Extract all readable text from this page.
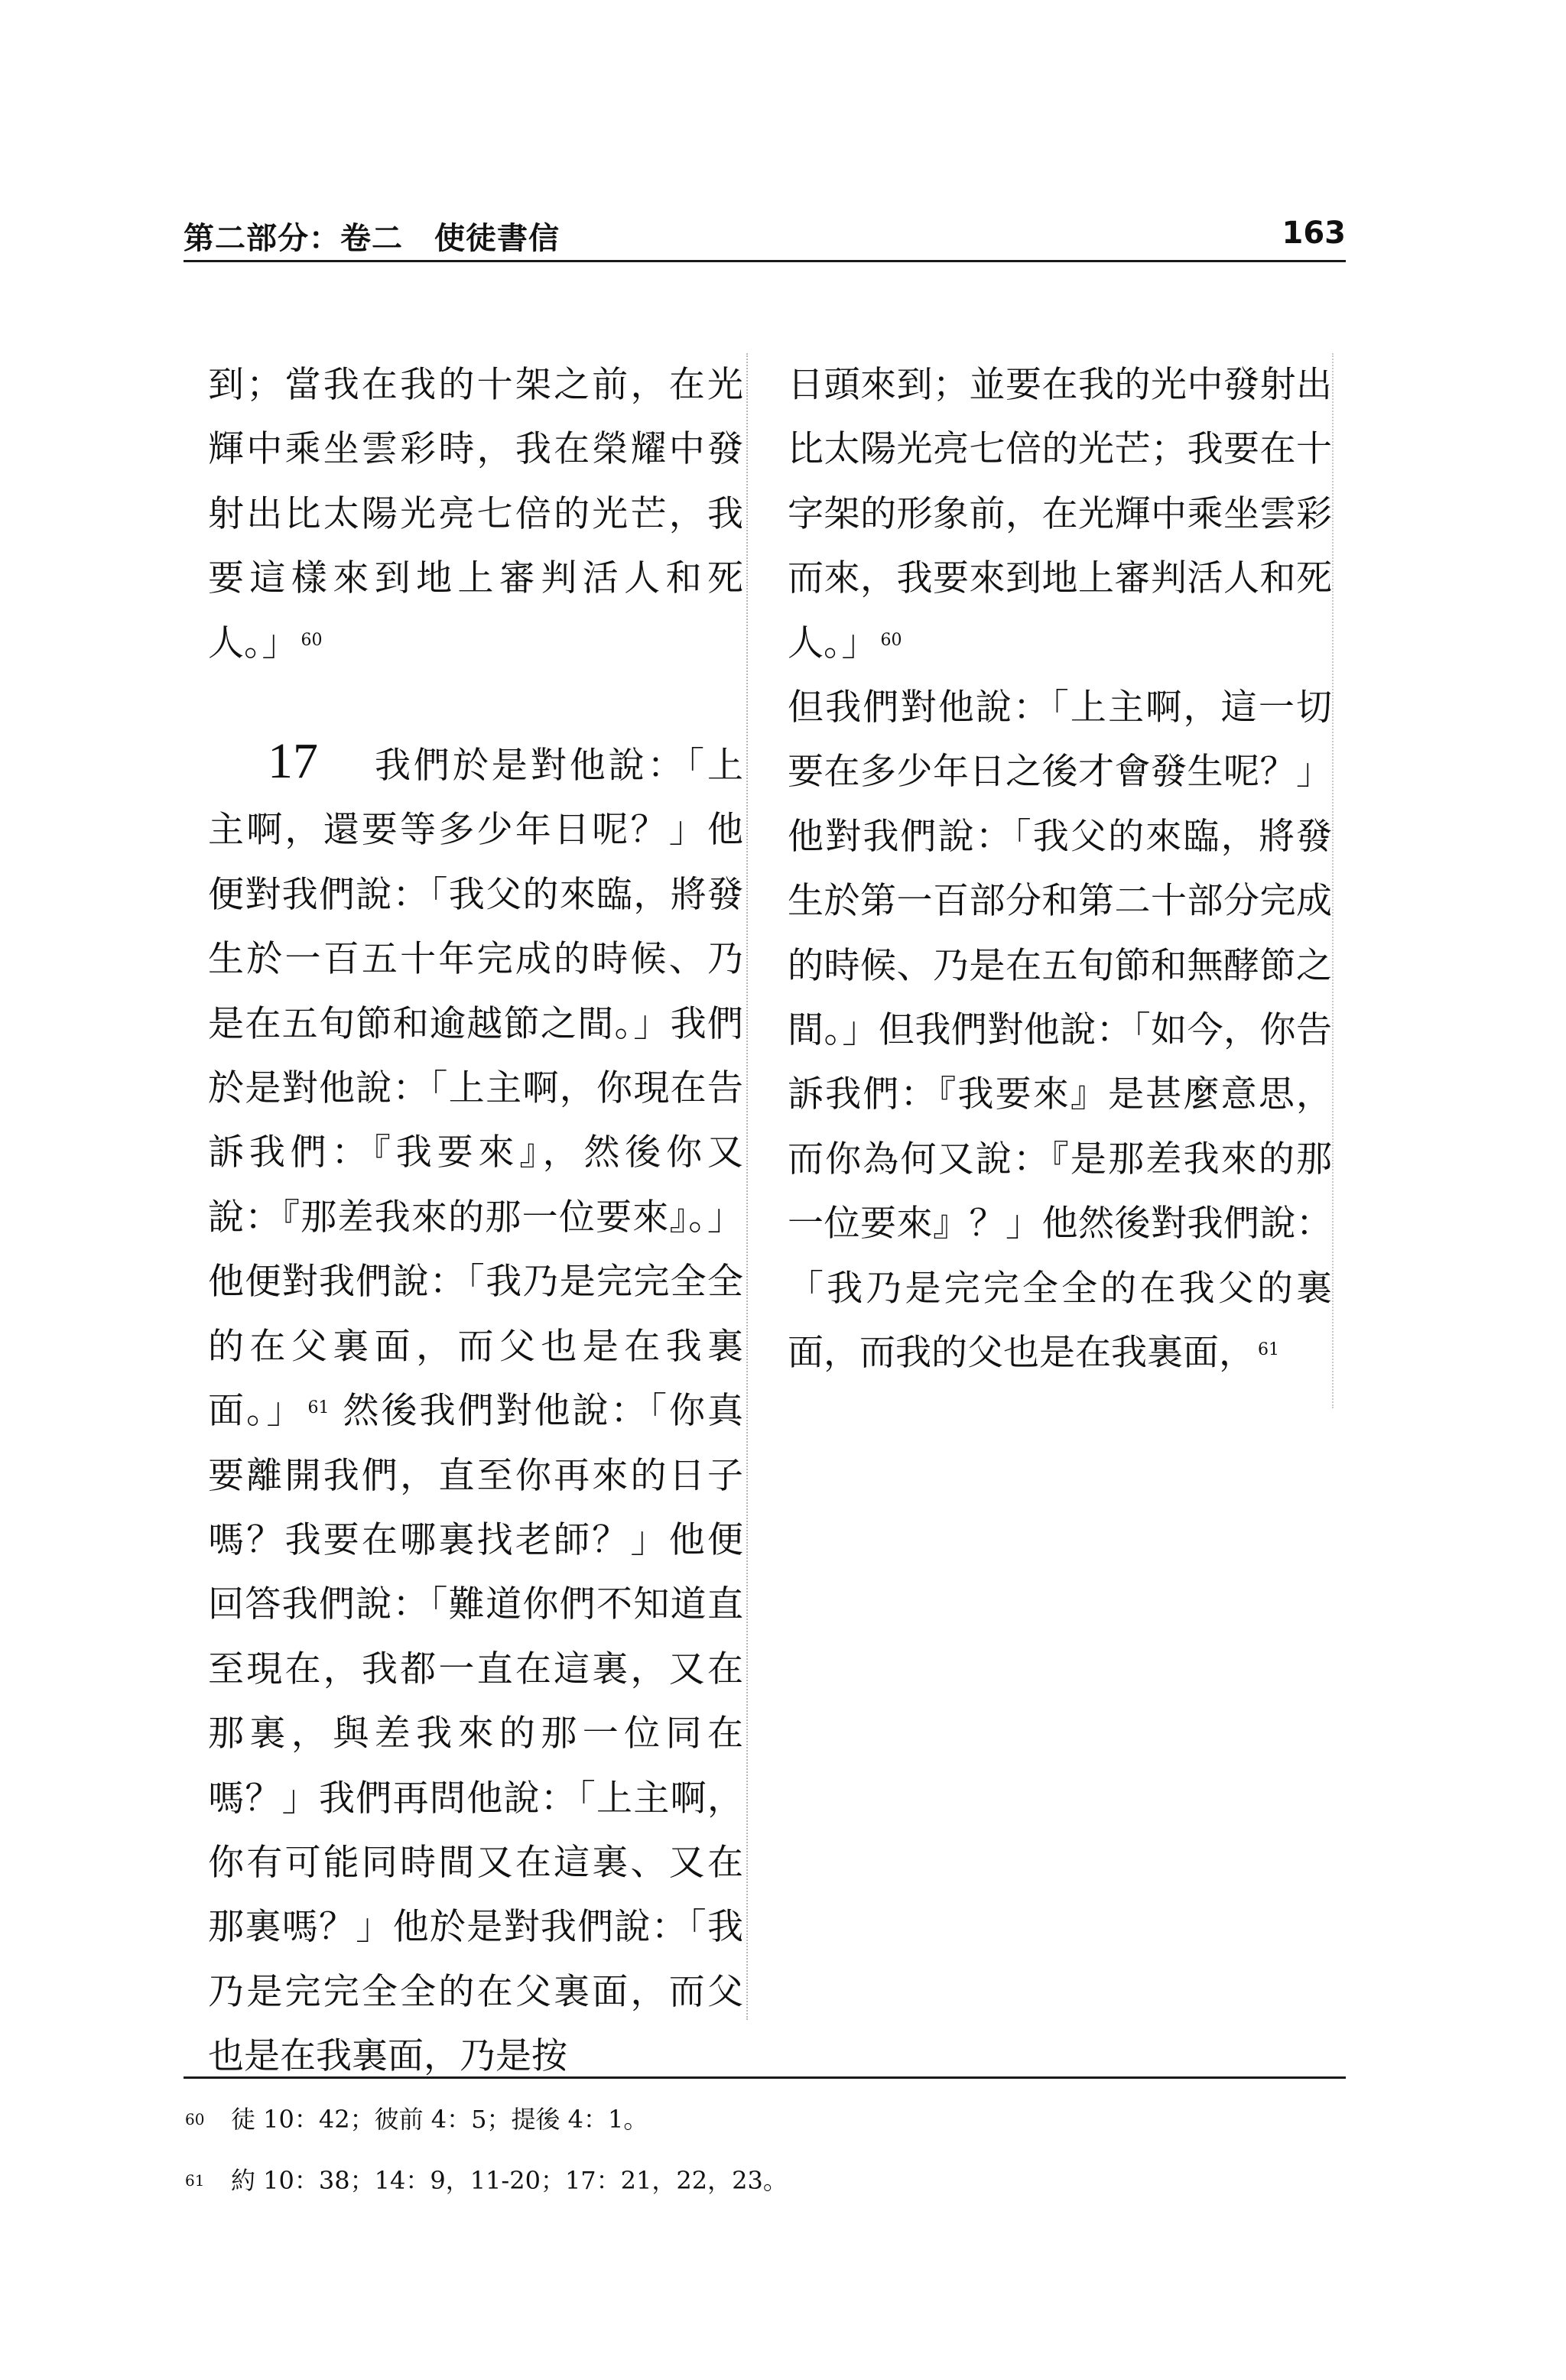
第二部分：卷二　使徒書信	163

到；當我在我的十架之前，在光輝中乘坐雲彩時，我在榮耀中發射出比太陽光亮七倍的光芒，我要這樣來到地上審判活人和死人。」 $^{60}$

17 我們於是對他說：「上主啊，還要等多少年日呢？」他便對我們說：「我父的來臨，將發生於一百五十年完成的時候、乃是在五旬節和逾越節之間。」我們於是對他說：「上主啊，你現在告訴我們：『我要來』，然後你又說：『那差我來的那一位要來』。」他便對我們說：「我乃是完完全全的在父裏面，而父也是在我裏面。」 $^{61}$ 然後我們對他說：「你真要離開我們，直至你再來的日子嗎？我要在哪裏找老師？」他便回答我們說：「難道你們不知道直至現在，我都一直在這裏，又在那裏，與差我來的那一位同在嗎？」我們再問他說：「上主啊，你有可能同時間又在這裏、又在那裏嗎？」他於是對我們說：「我乃是完完全全的在父裏面，而父也是在我裏面，乃是按

日頭來到；並要在我的光中發射出比太陽光亮七倍的光芒；我要在十字架的形象前，在光輝中乘坐雲彩而來，我要來到地上審判活人和死人。」 $^{60}$

但我們對他說：「上主啊，這一切要在多少年日之後才會發生呢？」他對我們說：「我父的來臨，將發生於第一百部分和第二十部分完成的時候、乃是在五旬節和無酵節之間。」但我們對他說：「如今，你告訴我們：『我要來』是甚麼意思，而你為何又說：『是那差我來的那一位要來』？」他然後對我們說：「我乃是完完全全的在我父的裏面，而我的父也是在我裏面， $^{61}$

60 徒 10：42；彼前 4：5；提後 4：1。
61 約 10：38；14：9，11-20；17：21，22，23。
